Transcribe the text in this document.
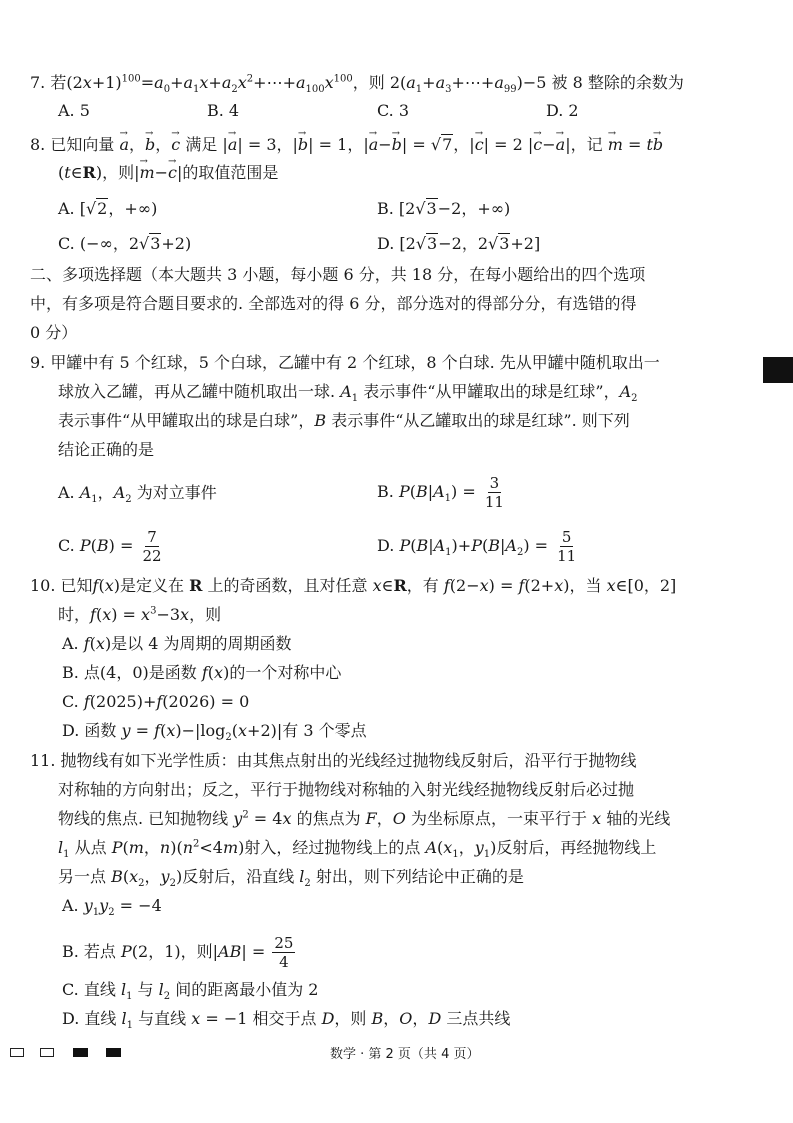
7. 若$(2x+1)^{100}=a_0+a_1x+a_2x^2+\cdots+a_{100}x^{100}$，则 $2(a_1+a_3+\cdots+a_{99})-5$ 被 8 整除的余数为
A. 5	B. 4	C. 3	D. 2
8. 已知向量 → a，→ b，→ c 满足 |→ a| = 3，|→ b| = 1，|→ a−→ b| = √7，|→ c| = 2 |→ c−→ a|，记 → m = t→ b
(t∈R)，则|→ m−→ c|的取值范围是
A. [√2，+∞)	B. [2√3−2，+∞)
C. (−∞，2√3+2)	D. [2√3−2，2√3+2]
二、多项选择题（本大题共 3 小题，每小题 6 分，共 18 分，在每小题给出的四个选项
中，有多项是符合题目要求的. 全部选对的得 6 分，部分选对的得部分分，有选错的得
0 分）
9. 甲罐中有 5 个红球，5 个白球，乙罐中有 2 个红球，8 个白球. 先从甲罐中随机取出一
球放入乙罐，再从乙罐中随机取出一球. $A_1$ 表示事件“从甲罐取出的球是红球”，$A_2$
表示事件“从甲罐取出的球是白球”，B 表示事件“从乙罐取出的球是红球”. 则下列
结论正确的是
A. $A_1$，$A_2$ 为对立事件	B. $P(B|A_1) = \frac{3}{11}$
C. $P(B) = \frac{7}{22}$	D. $P(B|A_1)+P(B|A_2) = \frac{5}{11}$
10. 已知f(x)是定义在 R 上的奇函数，且对任意 x∈R，有 f(2−x) = f(2+x)，当 x∈[0，2]
时，$f(x) = x^3-3x$，则
A. f(x)是以 4 为周期的周期函数
B. 点(4，0)是函数 f(x)的一个对称中心
C. f(2025)+f(2026) = 0
D. 函数 $y = f(x)-|\log_2(x+2)|$有 3 个零点
11. 抛物线有如下光学性质：由其焦点射出的光线经过抛物线反射后，沿平行于抛物线
对称轴的方向射出；反之，平行于抛物线对称轴的入射光线经抛物线反射后必过抛
物线的焦点. 已知抛物线 $y^2 = 4x$ 的焦点为 F，O 为坐标原点，一束平行于 x 轴的光线
$l_1$ 从点 P(m，$n)(n^2<4m)$射入，经过抛物线上的点 $A(x_1$，$y_1$)反射后，再经抛物线上
另一点 $B(x_2$，$y_2$)反射后，沿直线 $l_2$ 射出，则下列结论中正确的是
A. $y_1y_2 = -4$
B. 若点 P(2，1)，则$|AB| = \frac{25}{4}$
C. 直线 $l_1$ 与 $l_2$ 间的距离最小值为 2
D. 直线 $l_1$ 与直线 x = −1 相交于点 D，则 B，O，D 三点共线
数学 · 第 2 页（共 4 页）
